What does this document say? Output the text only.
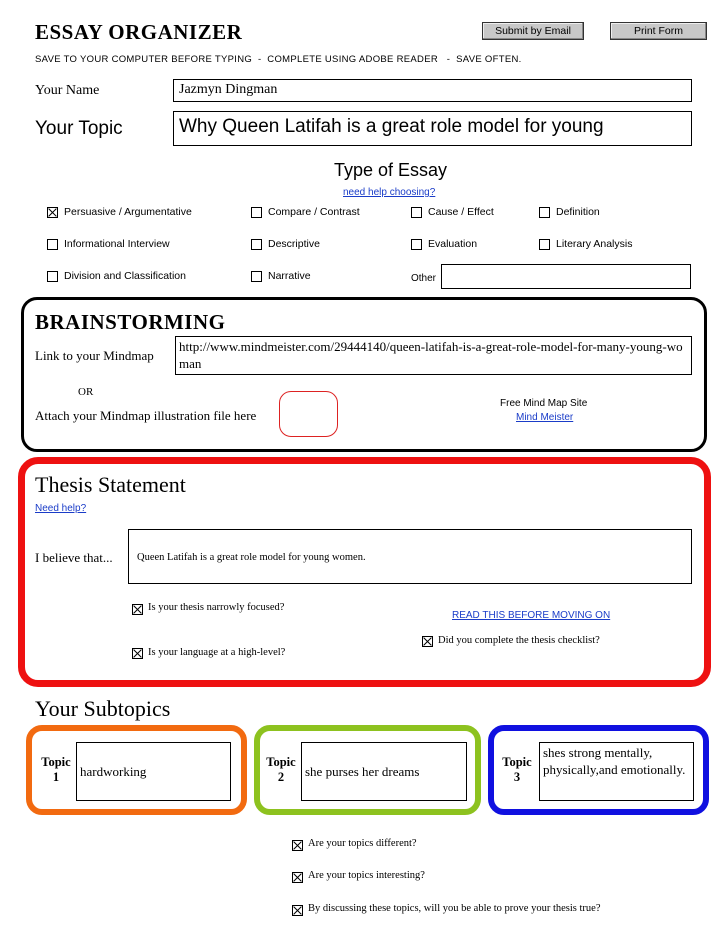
ESSAY ORGANIZER	Submit by Email	Print Form
SAVE TO YOUR COMPUTER BEFORE TYPING  -  COMPLETE USING ADOBE READER   -  SAVE OFTEN.
Your Name	Jazmyn Dingman
Your Topic	Why Queen Latifah is a great role model for young
Type of Essay
need help choosing?
Persuasive / Argumentative	Compare / Contrast	Cause / Effect	Definition
Informational Interview	Descriptive	Evaluation	Literary Analysis
Division and Classification	Narrative	Other
BRAINSTORMING
Link to your Mindmap
http://www.mindmeister.com/29444140/queen-latifah-is-a-great-role-model-for-many-young-woman
OR
Attach your Mindmap illustration file here
Free Mind Map Site
Mind Meister
Thesis Statement
Need help?
I believe that...	Queen Latifah is a great role model for young women.
Is your thesis narrowly focused?
READ THIS BEFORE MOVING ON
Did you complete the thesis checklist?
Is your language at a high-level?
Your Subtopics
Topic
1	hardworking
Topic
2	she purses her dreams
Topic
3
shes strong mentally, physically,and emotionally.
Are your topics different?
Are your topics interesting?
By discussing these topics, will you be able to prove your thesis true?
